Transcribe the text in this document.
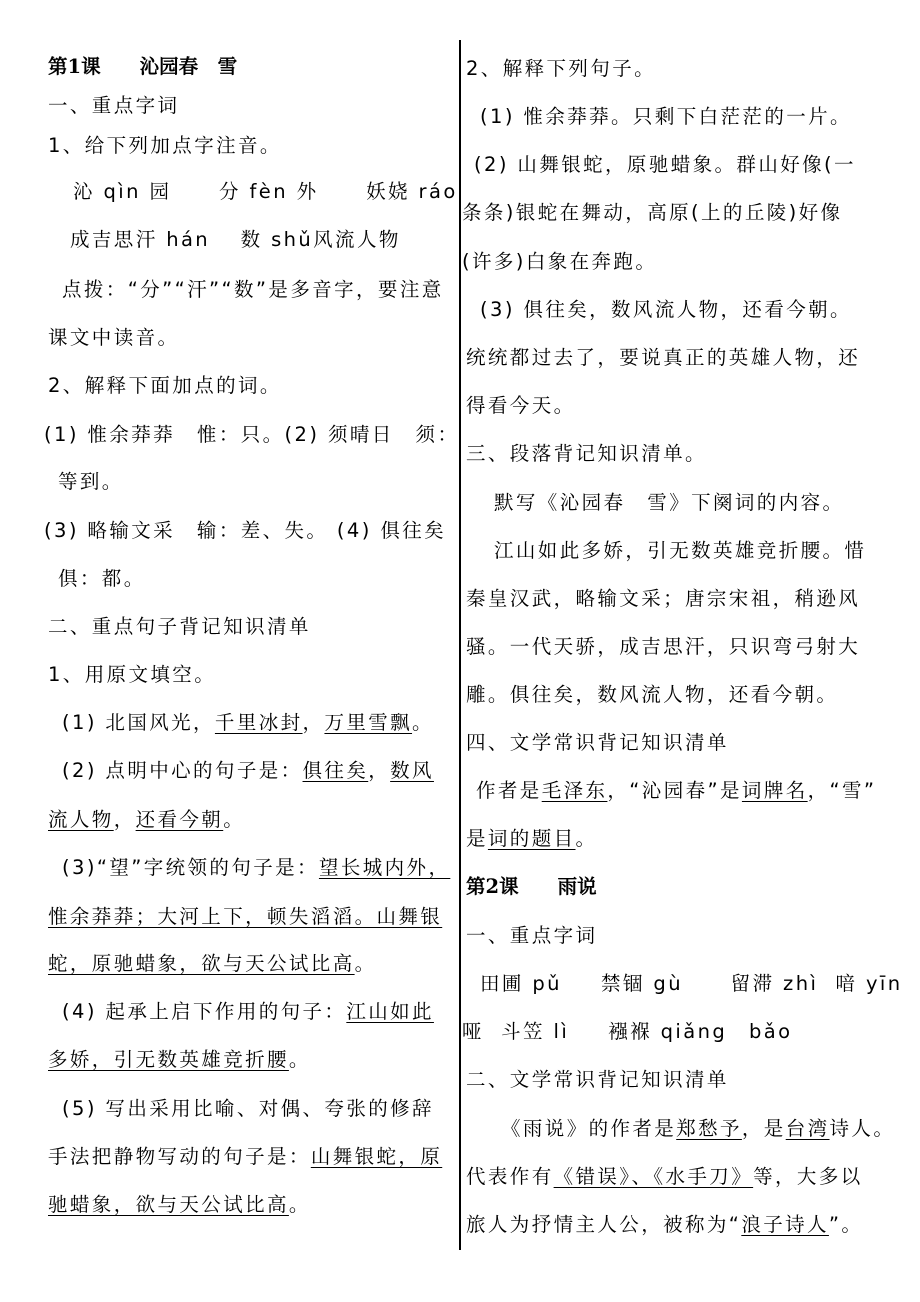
第1课　　沁园春　雪
一、重点字词
1、给下列加点字注音。
沁 qìn 园　   分 fèn 外　   妖娆 ráo
成吉思汗 hán　 数 shǔ风流人物
点拨：“分”“汗”“数”是多音字，要注意
课文中读音。
2、解释下面加点的词。
(1) 惟余莽莽　惟：只。(2) 须晴日　须：
等到。
(3) 略输文采　输：差、失。 (4) 俱往矣
俱：都。
二、重点句子背记知识清单
1、用原文填空。
(1) 北国风光，千里冰封，万里雪飘。
(2) 点明中心的句子是：俱往矣，数风
流人物，还看今朝。
(3)“望”字统领的句子是：望长城内外，
惟余莽莽；大河上下，顿失滔滔。山舞银
蛇，原驰蜡象，欲与天公试比高。
(4) 起承上启下作用的句子：江山如此
多娇，引无数英雄竞折腰。
(5) 写出采用比喻、对偶、夸张的修辞
手法把静物写动的句子是：山舞银蛇，原
驰蜡象，欲与天公试比高。
2、解释下列句子。
(1) 惟余莽莽。只剩下白茫茫的一片。
(2) 山舞银蛇，原驰蜡象。群山好像(一
条条)银蛇在舞动，高原(上的丘陵)好像
(许多)白象在奔跑。
(3) 俱往矣，数风流人物，还看今朝。
统统都过去了，要说真正的英雄人物，还
得看今天。
三、段落背记知识清单。
默写《沁园春　雪》下阕词的内容。
江山如此多娇，引无数英雄竞折腰。惜
秦皇汉武，略输文采；唐宗宋祖，稍逊风
骚。一代天骄，成吉思汗，只识弯弓射大
雕。俱往矣，数风流人物，还看今朝。
四、文学常识背记知识清单
作者是毛泽东，“沁园春”是词牌名，“雪”
是词的题目。
第2课　　雨说
一、重点字词
田圃 pǔ　  禁锢 gù　   留滞 zhì  喑 yīn
哑  斗笠 lì　  襁褓 qiǎng　bǎo
二、文学常识背记知识清单
《雨说》的作者是郑愁予，是台湾诗人。
代表作有《错误》、《水手刀》等，大多以
旅人为抒情主人公，被称为“浪子诗人”。
